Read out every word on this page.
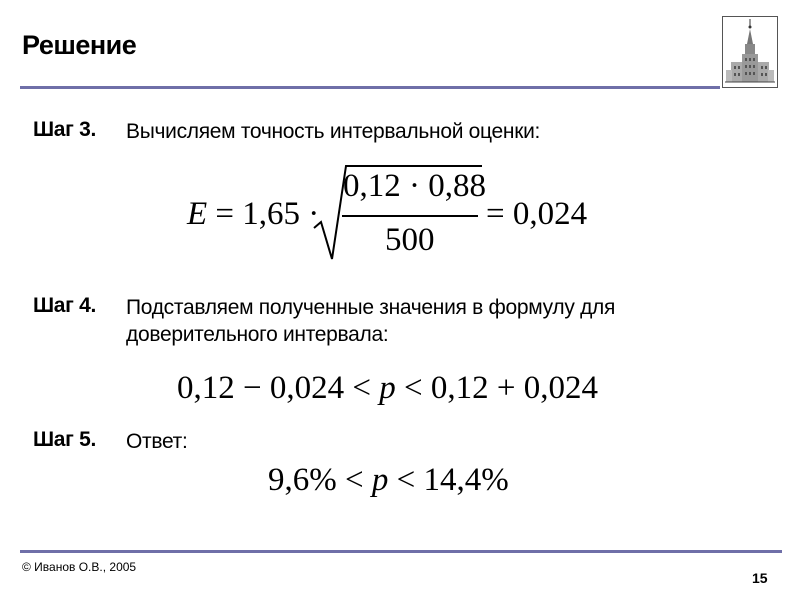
Решение
Шаг 3. Вычисляем точность интервальной оценки:
E = 1,65 ·
0,12 · 0,88
500
= 0,024
Шаг 4. Подставляем полученные значения в формулу для доверительного интервала:
0,12 − 0,024 < p < 0,12 + 0,024
Шаг 5. Ответ:
9,6% < p < 14,4%
© Иванов О.В., 2005
15
